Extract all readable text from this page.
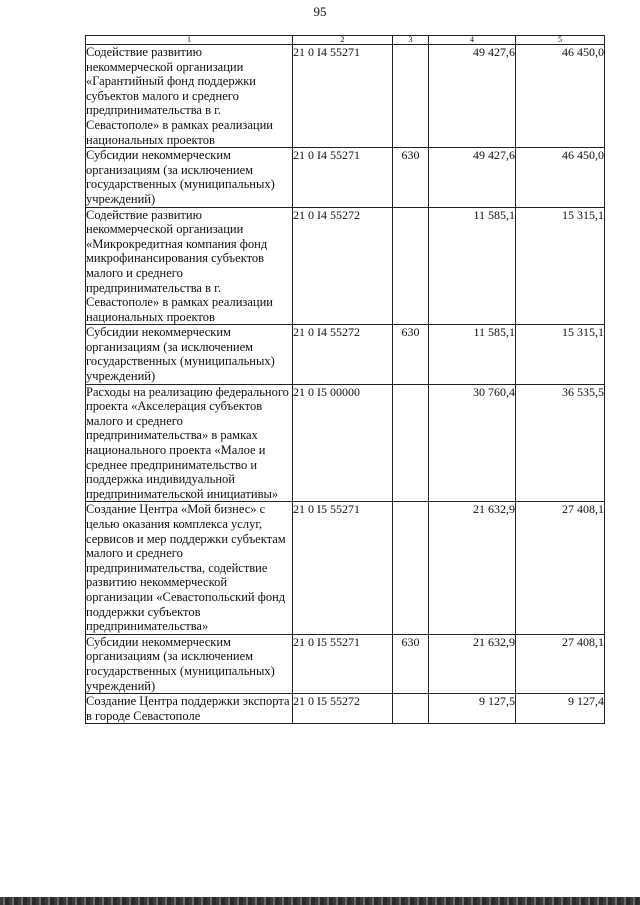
95
1	2	3	4	5
Содействие развитию некоммерческой организации «Гарантийный фонд поддержки субъектов малого и среднего предпринимательства в г. Севастополе» в рамках реализации национальных проектов	21 0 I4 55271		49 427,6	46 450,0
Субсидии некоммерческим организациям (за исключением государственных (муниципальных) учреждений)	21 0 I4 55271	630	49 427,6	46 450,0
Содействие развитию некоммерческой организации «Микрокредитная компания фонд микрофинансирования субъектов малого и среднего предпринимательства в г. Севастополе» в рамках реализации национальных проектов	21 0 I4 55272		11 585,1	15 315,1
Субсидии некоммерческим организациям (за исключением государственных (муниципальных) учреждений)	21 0 I4 55272	630	11 585,1	15 315,1
Расходы на реализацию федерального проекта «Акселерация субъектов малого и среднего предпринимательства» в рамках национального проекта «Малое и среднее предпринимательство и поддержка индивидуальной предпринимательской инициативы»	21 0 I5 00000		30 760,4	36 535,5
Создание Центра «Мой бизнес» с целью оказания комплекса услуг, сервисов и мер поддержки субъектам малого и среднего предпринимательства, содействие развитию некоммерческой организации «Севастопольский фонд поддержки субъектов предпринимательства»	21 0 I5 55271		21 632,9	27 408,1
Субсидии некоммерческим организациям (за исключением государственных (муниципальных) учреждений)	21 0 I5 55271	630	21 632,9	27 408,1
Создание Центра поддержки экспорта в городе Севастополе	21 0 I5 55272		9 127,5	9 127,4
